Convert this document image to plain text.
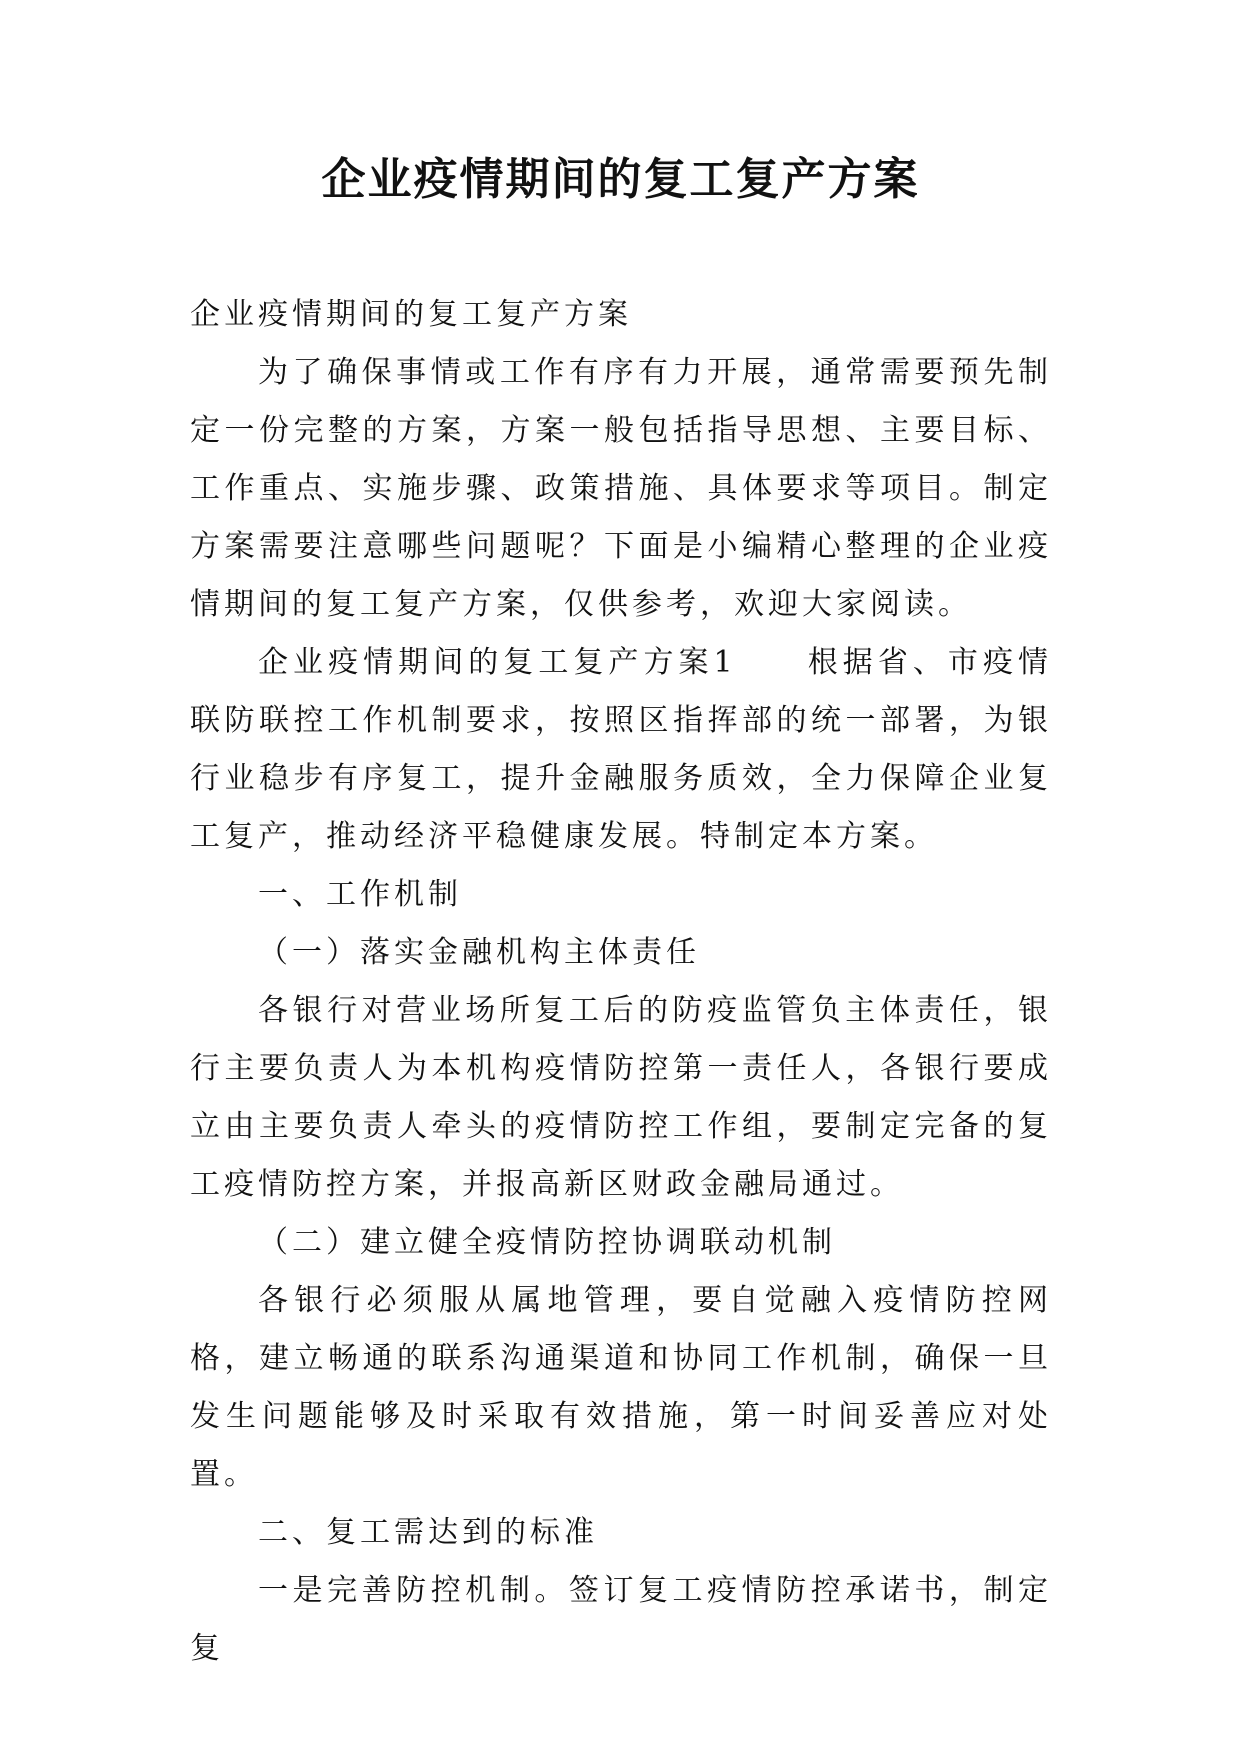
企业疫情期间的复工复产方案

企业疫情期间的复工复产方案

为了确保事情或工作有序有力开展，通常需要预先制定一份完整的方案，方案一般包括指导思想、主要目标、工作重点、实施步骤、政策措施、具体要求等项目。制定方案需要注意哪些问题呢？下面是小编精心整理的企业疫情期间的复工复产方案，仅供参考，欢迎大家阅读。

企业疫情期间的复工复产方案1　　根据省、市疫情联防联控工作机制要求，按照区指挥部的统一部署，为银行业稳步有序复工，提升金融服务质效，全力保障企业复工复产，推动经济平稳健康发展。特制定本方案。

一、工作机制

（一）落实金融机构主体责任

各银行对营业场所复工后的防疫监管负主体责任，银行主要负责人为本机构疫情防控第一责任人，各银行要成立由主要负责人牵头的疫情防控工作组，要制定完备的复工疫情防控方案，并报高新区财政金融局通过。

（二）建立健全疫情防控协调联动机制

各银行必须服从属地管理，要自觉融入疫情防控网格，建立畅通的联系沟通渠道和协同工作机制，确保一旦发生问题能够及时采取有效措施，第一时间妥善应对处置。

二、复工需达到的标准

一是完善防控机制。签订复工疫情防控承诺书，制定复
